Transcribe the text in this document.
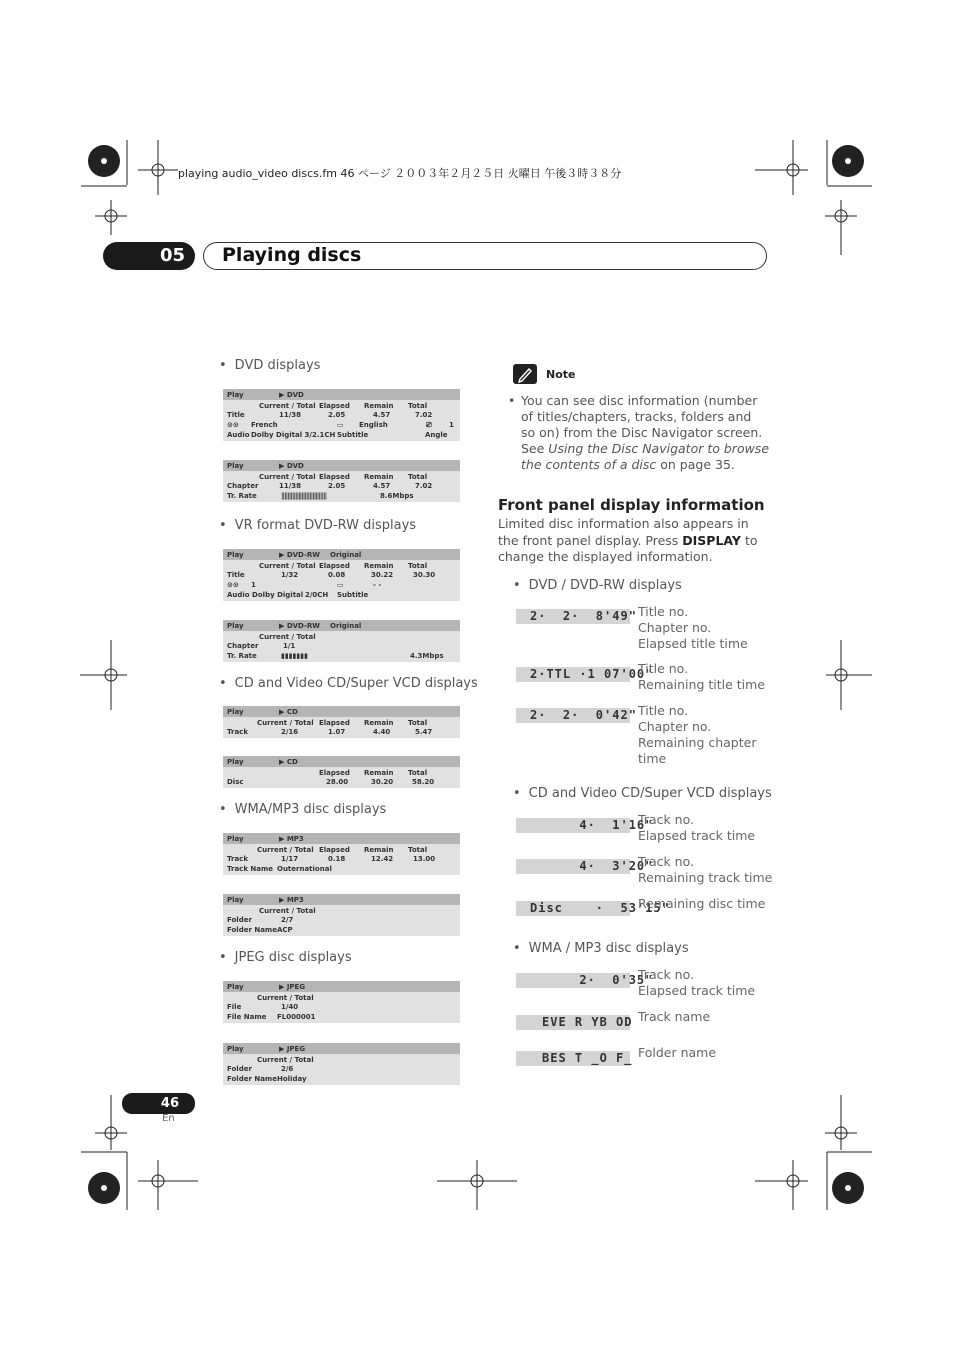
playing audio_video discs.fm 46 ページ ２００３年２月２５日 火曜日 午後３時３８分
05	Playing discs
• DVD displays
Play	▶ DVD
Current / Total Elapsed Remain Total
Title	11/38	2.05	4.57	7.02
⊙⊙ French	▭ English	⎚ 1
Audio Dolby Digital 3/2.1CH Subtitle	Angle
Play	▶ DVD
Current / Total Elapsed Remain Total
Chapter	11/38	2.05	4.57	7.02
Tr. Rate	|||||||||||||||||||||||||||||	8.6Mbps
• VR format DVD-RW displays
Play	▶ DVD-RW Original
Current / Total Elapsed Remain Total
Title	1/32	0.08	30.22	30.30
⊙⊙ 1	▭	- -
Audio Dolby Digital 2/0CH Subtitle
Play	▶ DVD-RW Original
Current / Total
Chapter	1/1
Tr. Rate	▮▮▮▮▮▮▮	4.3Mbps
• CD and Video CD/Super VCD displays
Play	▶ CD
Current / Total Elapsed Remain Total
Track	2/16	1.07	4.40	5.47
Play	▶ CD
Elapsed Remain Total
Disc	28.00	30.20	58.20
• WMA/MP3 disc displays
Play	▶ MP3
Current / Total Elapsed Remain Total
Track	1/17	0.18	12.42	13.00
Track Name Outernational
Play	▶ MP3
Current / Total
Folder	2/7
Folder Name ACP
• JPEG disc displays
Play	▶ JPEG
Current / Total
File	1/40
File Name FL000001
Play	▶ JPEG
Current / Total
Folder	2/6
Folder Name Holiday
Note
• You can see disc information (number of titles/chapters, tracks, folders and so on) from the Disc Navigator screen. See Using the Disc Navigator to browse the contents of a disc on page 35.
Front panel display information
Limited disc information also appears in the front panel display. Press DISPLAY to change the displayed information.
• DVD / DVD-RW displays
2·  2·  8'49" Title no.
Chapter no.
Elapsed title time
2·TTL ·1 07'00"
Title no.
Remaining title time
2·  2·  0'42" Title no.
Chapter no.
Remaining chapter
time
• CD and Video CD/Super VCD displays
4·  1'16"
Track no.
Elapsed track time
4·  3'20"
Track no.
Remaining track time
Disc    ·  53'15"
Remaining disc time
• WMA / MP3 disc displays
2·  0'35"
Track no.
Elapsed track time
EVE R YB OD Track name
BES T _O F_ Folder name
46
En
